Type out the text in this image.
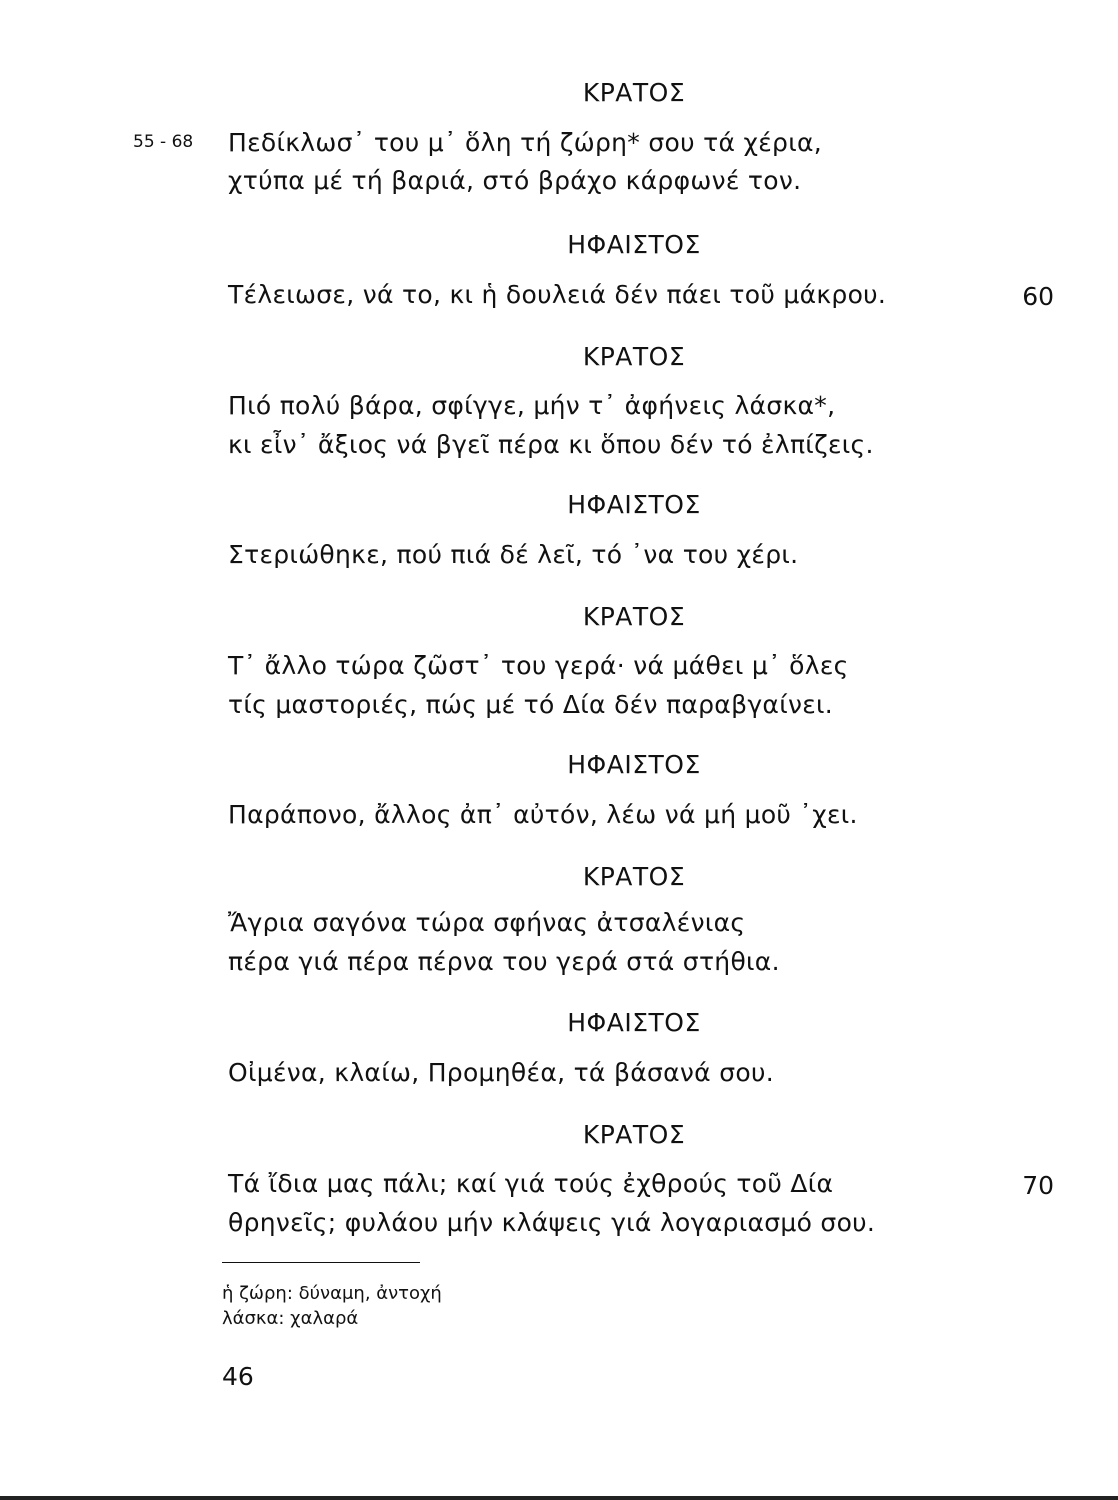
55 - 68
ΚΡΑΤΟΣ
Πεδίκλωσ᾽ του μ᾽ ὅλη τή ζώρη* σου τά χέρια,
χτύπα μέ τή βαριά, στό βράχο κάρφωνέ τον.
ΗΦΑΙΣΤΟΣ
Τέλειωσε, νά το, κι ἡ δουλειά δέν πάει τοῦ μάκρου.	60
ΚΡΑΤΟΣ
Πιό πολύ βάρα, σφίγγε, μήν τ᾽ ἀφήνεις λάσκα*,
κι εἶν᾽ ἄξιος νά βγεῖ πέρα κι ὅπου δέν τό ἐλπίζεις.
ΗΦΑΙΣΤΟΣ
Στεριώθηκε, πού πιά δέ λεῖ, τό ᾽να του χέρι.
ΚΡΑΤΟΣ
Τ᾽ ἄλλο τώρα ζῶστ᾽ του γερά· νά μάθει μ᾽ ὅλες
τίς μαστοριές, πώς μέ τό Δία δέν παραβγαίνει.
ΗΦΑΙΣΤΟΣ
Παράπονο, ἄλλος ἀπ᾽ αὐτόν, λέω νά μή μοῦ ᾽χει.
ΚΡΑΤΟΣ
Ἄγρια σαγόνα τώρα σφήνας ἀτσαλένιας
πέρα γιά πέρα πέρνα του γερά στά στήθια.
ΗΦΑΙΣΤΟΣ
Οἰμένα, κλαίω, Προμηθέα, τά βάσανά σου.
ΚΡΑΤΟΣ
Τά ἴδια μας πάλι; καί γιά τούς ἐχθρούς τοῦ Δία	70
θρηνεῖς; φυλάου μήν κλάψεις γιά λογαριασμό σου.
ἡ ζώρη: δύναμη, ἀντοχή
λάσκα: χαλαρά
46
